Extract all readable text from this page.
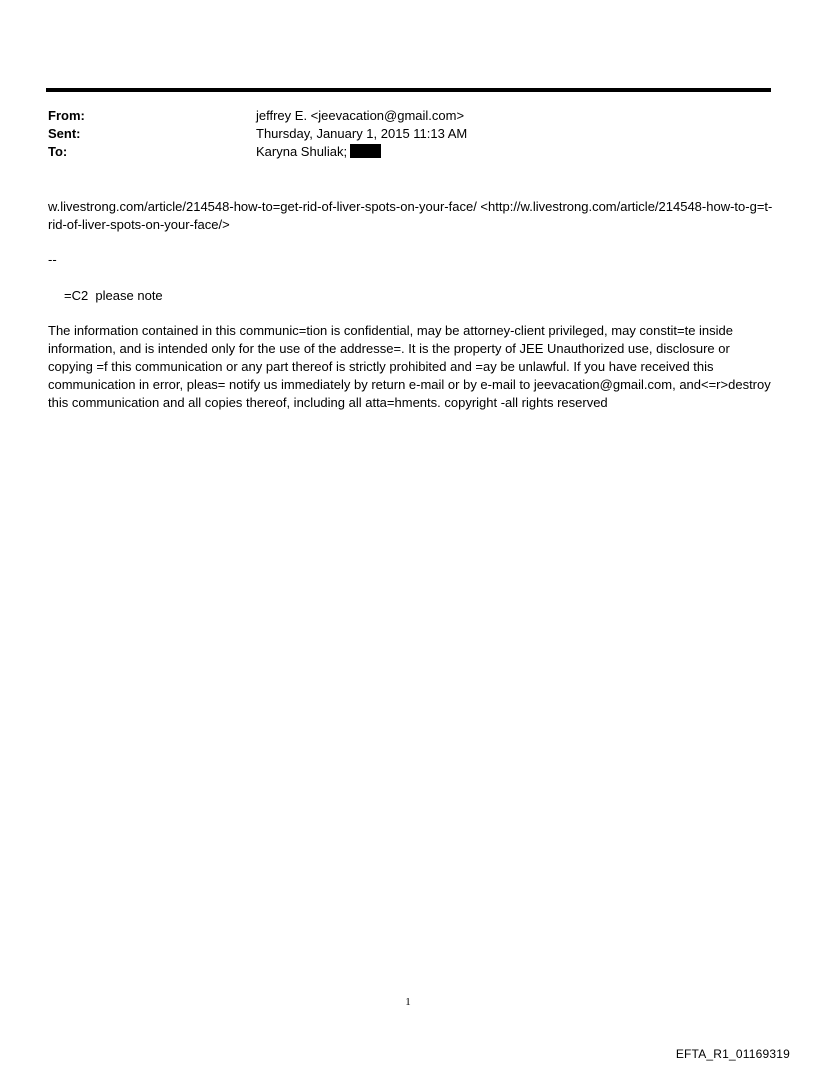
From:	jeffrey E. <jeevacation@gmail.com>
Sent:	Thursday, January 1, 2015 11:13 AM
To:	Karyna Shuliak;
w.livestrong.com/article/214548-how-to=get-rid-of-liver-spots-on-your-face/ <http://w.livestrong.com/article/214548-how-to-g=t-rid-of-liver-spots-on-your-face/>
--
=C2  please note
The information contained in this communic=tion is confidential, may be attorney-client privileged, may constit=te inside information, and is intended only for the use of the addresse=. It is the property of JEE Unauthorized use, disclosure or copying =f this communication or any part thereof is strictly prohibited and =ay be unlawful. If you have received this communication in error, pleas= notify us immediately by return e-mail or by e-mail to jeevacation@gmail.com, and<=r>destroy this communication and all copies thereof, including all atta=hments. copyright -all rights reserved
1
EFTA_R1_01169319
